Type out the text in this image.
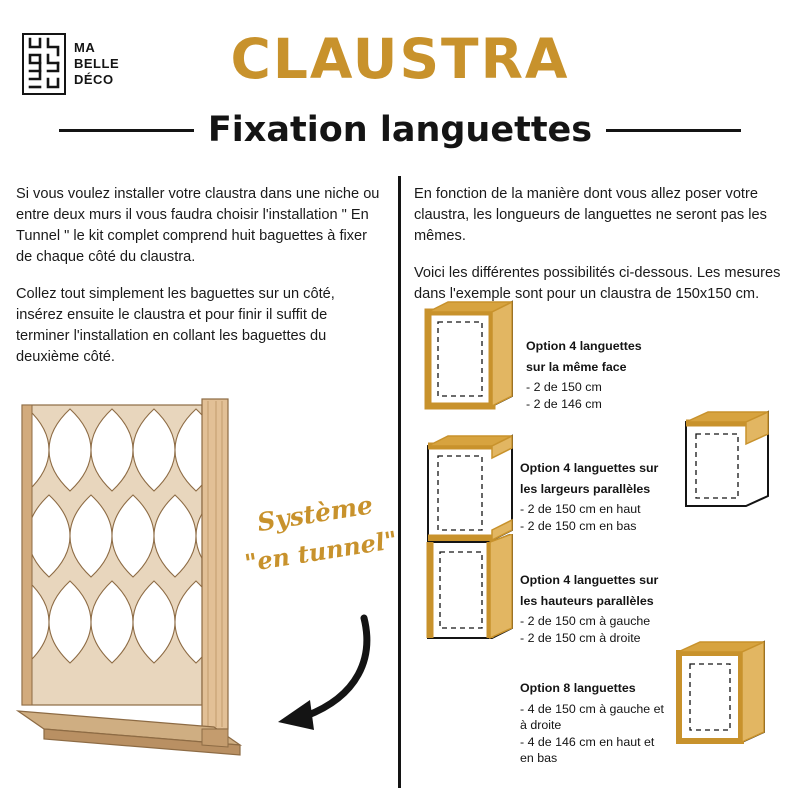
MA
BELLE
DÉCO	CLAUSTRA
Fixation languettes

Si vous voulez installer votre claustra dans une niche ou entre deux murs il vous faudra choisir l'installation " En Tunnel " le kit complet comprend huit baguettes à fixer de chaque côté du claustra.

Collez tout simplement les baguettes sur un côté, insérez ensuite le claustra et pour finir il suffit de terminer l'installation en collant les baguettes du deuxième côté.

Système
"en tunnel"

En fonction de la manière dont vous allez poser votre claustra, les longueurs de languettes ne seront pas les mêmes.

Voici les différentes possibilités ci-dessous. Les mesures dans l'exemple sont pour un claustra de 150x150 cm.

Option 4 languettes

sur la même face

- 2 de 150 cm

- 2 de 146 cm

Option 4 languettes sur

les largeurs parallèles

- 2 de 150 cm en haut

- 2 de 150 cm en bas

Option 4 languettes sur

les hauteurs parallèles

- 2 de 150 cm à gauche

- 2 de 150 cm à droite

Option 8 languettes

- 4 de 150 cm à gauche et

à droite

- 4 de 146 cm en haut et

en bas
